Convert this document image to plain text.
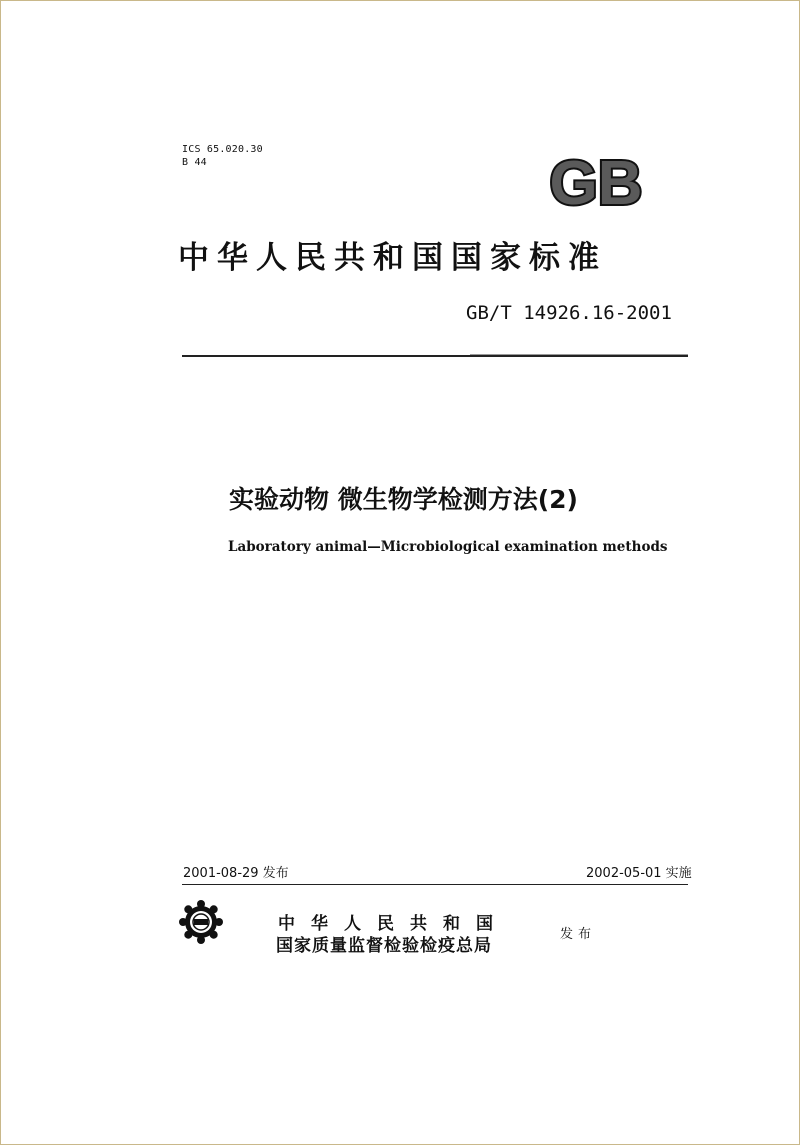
ICS 65.020.30
B 44	GB
中华人民共和国国家标准
GB/T 14926.16-2001
实验动物 微生物学检测方法(2)
Laboratory animal—Microbiological examination methods
2001-08-29 发布	2002-05-01 实施
中华人民共和国
国家质量监督检验检疫总局
发布
